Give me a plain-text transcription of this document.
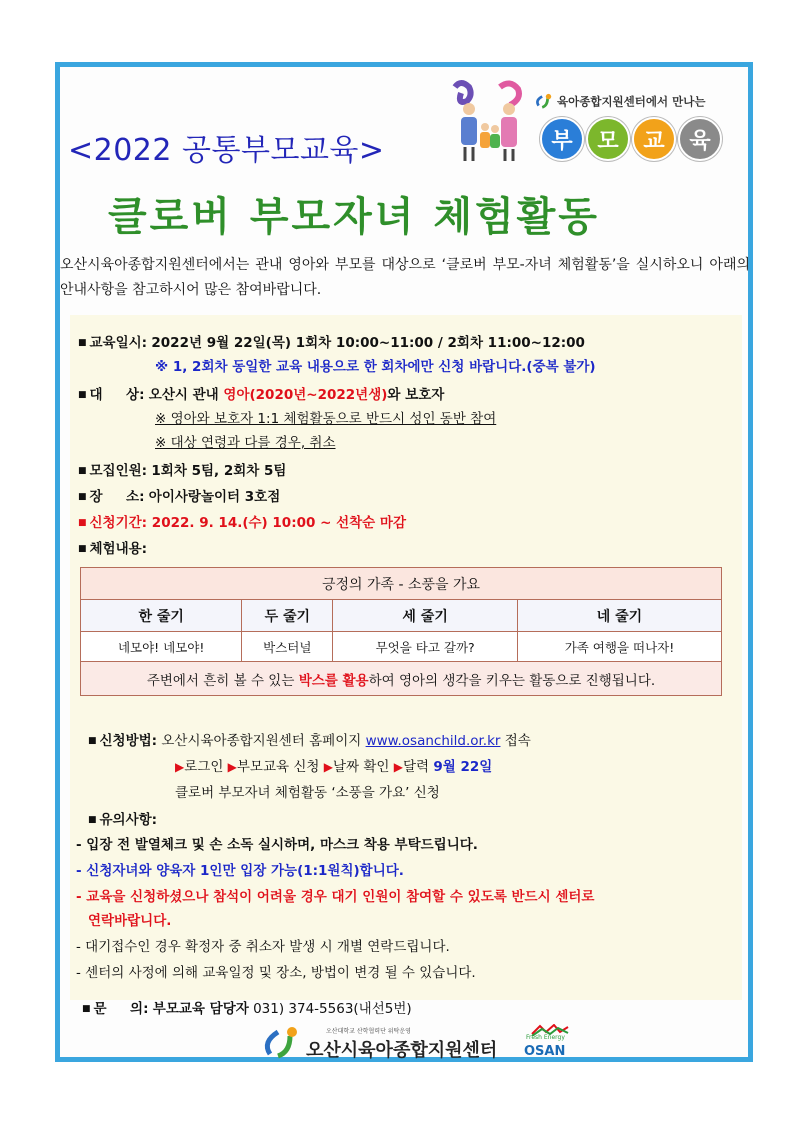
육아종합지원센터에서 만나는
부	모	교	육
<2022 공통부모교육>
클로버 부모자녀 체험활동
오산시육아종합지원센터에서는 관내 영아와 부모를 대상으로 ‘클로버 부모-자녀 체험활동’을 실시하오니 아래의 안내사항을 참고하시어 많은 참여바랍니다.
■ 교육일시: 2022년 9월 22일(목) 1회차 10:00~11:00 / 2회차 11:00~12:00
※ 1, 2회차 동일한 교육 내용으로 한 회차에만 신청 바랍니다.(중복 불가)
■ 대     상: 오산시 관내 영아(2020년~2022년생)와 보호자
※ 영아와 보호자 1:1 체험활동으로 반드시 성인 동반 참여
※ 대상 연령과 다를 경우, 취소
■ 모집인원: 1회차 5팀, 2회차 5팀
■ 장     소: 아이사랑놀이터 3호점
■ 신청기간: 2022. 9. 14.(수) 10:00 ~ 선착순 마감
■ 체험내용:
긍정의 가족 - 소풍을 가요			
한 줄기	두 줄기	세 줄기	네 줄기
네모야! 네모야!	박스터널	무엇을 타고 갈까?	가족 여행을 떠나자!
주변에서 흔히 볼 수 있는 박스를 활용하여 영아의 생각을 키우는 활동으로 진행됩니다.			
■ 신청방법: 오산시육아종합지원센터 홈페이지 www.osanchild.or.kr 접속
▶로그인 ▶부모교육 신청 ▶날짜 확인 ▶달력 9월 22일
클로버 부모자녀 체험활동 ‘소풍을 가요’ 신청
■ 유의사항:
- 입장 전 발열체크 및 손 소독 실시하며, 마스크 착용 부탁드립니다.
- 신청자녀와 양육자 1인만 입장 가능(1:1원칙)합니다.
- 교육을 신청하셨으나 참석이 어려울 경우 대기 인원이 참여할 수 있도록 반드시 센터로
연락바랍니다.
- 대기접수인 경우 확정자 중 취소자 발생 시 개별 연락드립니다.
- 센터의 사정에 의해 교육일정 및 장소, 방법이 변경 될 수 있습니다.
■ 문     의: 부모교육 담당자 031) 374-5563(내선5번)
오산대학교 산학협력단 위탁운영
오산시육아종합지원센터
Fresh Energy
OSAN
